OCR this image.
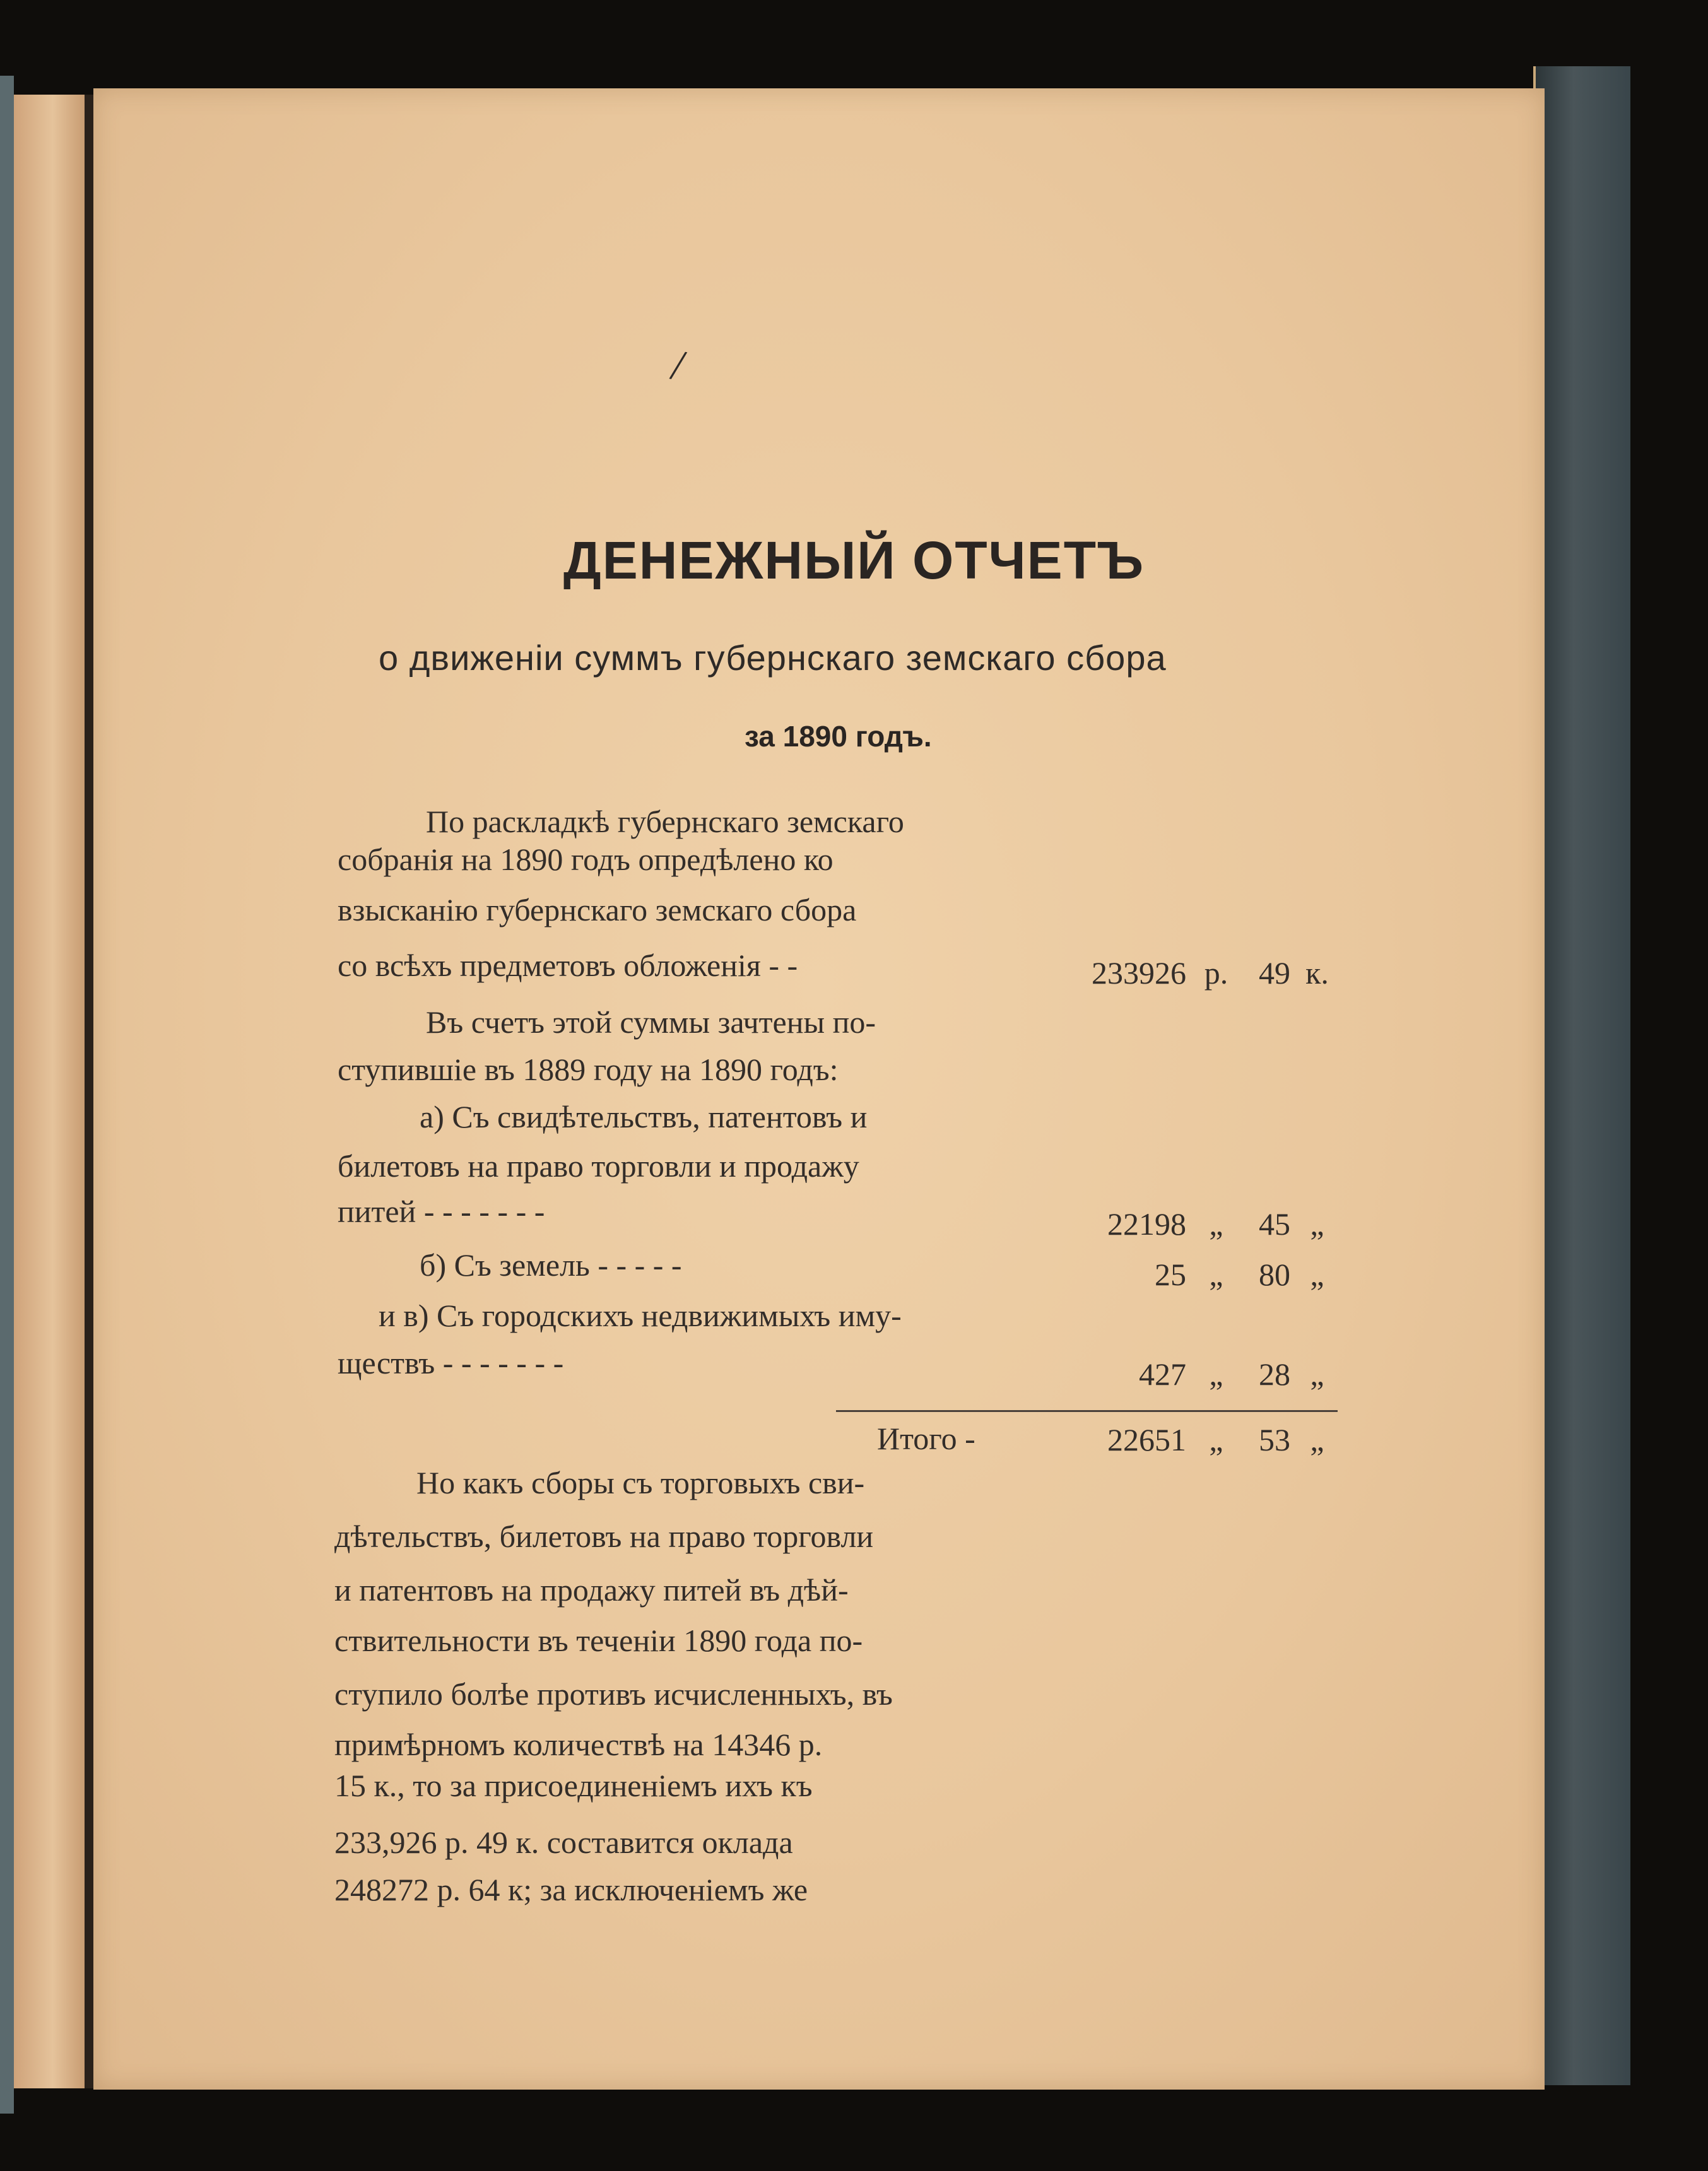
/
ДЕНЕЖНЫЙ ОТЧЕТЪ
о движенiи суммъ губернскаго земскаго сбора
за 1890 годъ.
По раскладкѣ губернскаго земскаго
собранiя на 1890 годъ опредѣлено ко
взысканiю губернскаго земскаго сбора
со всѣхъ предметовъ обложенiя - -	233926 р. 49 к.
Въ счетъ этой суммы зачтены по-
ступившiе въ 1889 году на 1890 годъ:
а) Съ свидѣтельствъ, патентовъ и
билетовъ на право торговли и продажу
питей - - - - - - -	22198 „ 45 „
б) Съ земель - - - - -	25 „ 80 „
и в) Съ городскихъ недвижимыхъ иму-
ществъ - - - - - - -	427 „ 28 „
Итого -	22651 „ 53 „
Но какъ сборы съ торговыхъ сви-
дѣтельствъ, билетовъ на право торговли
и патентовъ на продажу питей въ дѣй-
ствительности въ теченiи 1890 года по-
ступило болѣе противъ исчисленныхъ, въ
примѣрномъ количествѣ на 14346 р.
15 к., то за присоединенiемъ ихъ къ
233,926 р. 49 к. составится оклада
248272 р. 64 к; за исключенiемъ же
